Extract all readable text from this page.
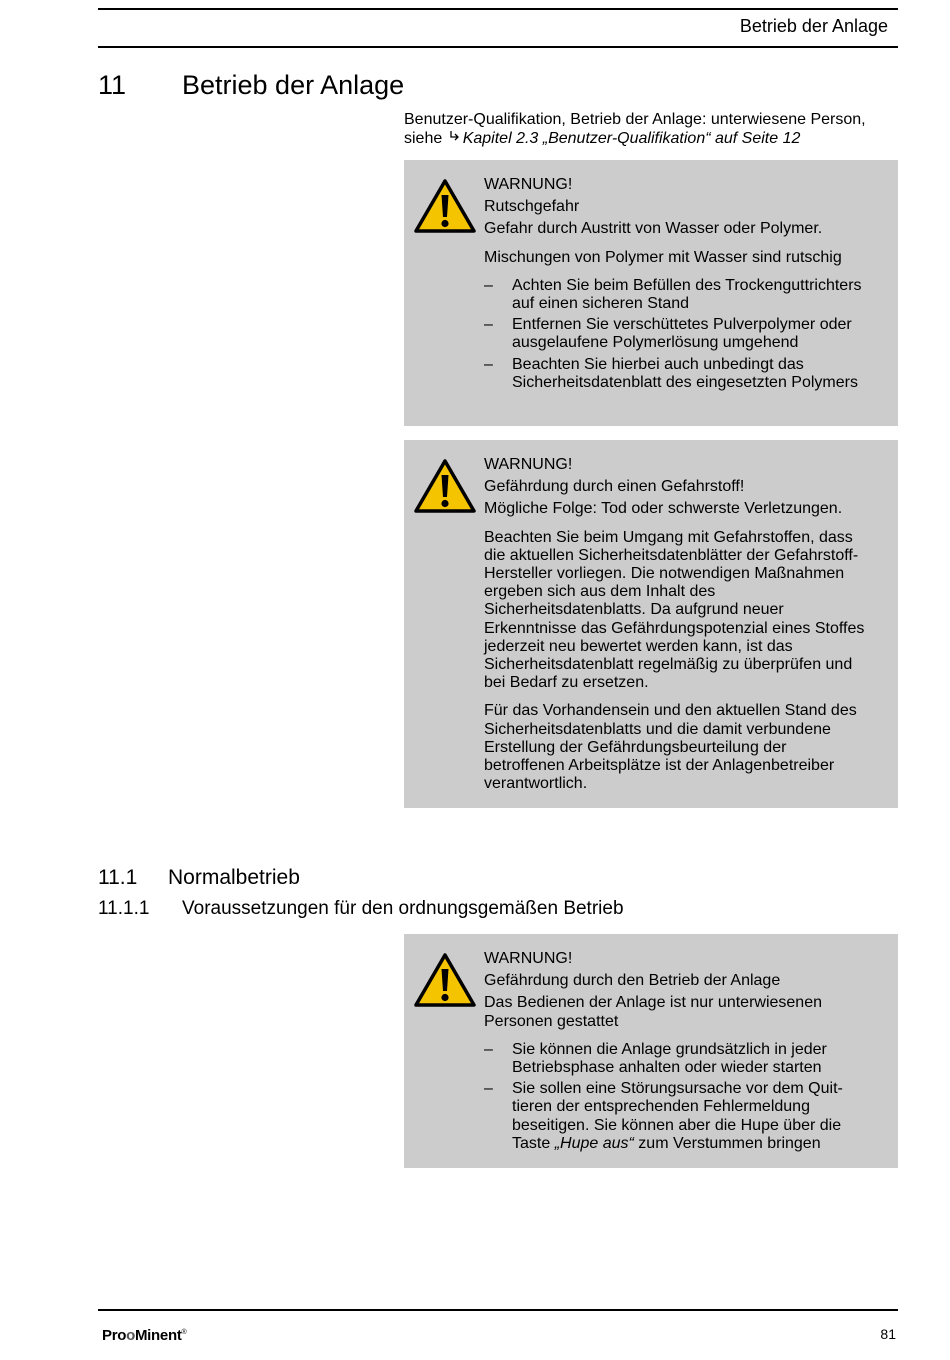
Betrieb der Anlage
11 Betrieb der Anlage
Benutzer-Qualifikation, Betrieb der Anlage: unterwiesene Person, siehe Kapitel 2.3 „Benutzer-Qualifikation“ auf Seite 12

WARNUNG!

Rutschgefahr

Gefahr durch Austritt von Wasser oder Polymer.

Mischungen von Polymer mit Wasser sind rutschig

– Achten Sie beim Befüllen des Trockenguttrichters auf einen sicheren Stand
– Entfernen Sie verschüttetes Pulverpolymer oder ausgelaufene Polymerlösung umgehend
– Beachten Sie hierbei auch unbedingt das Sicherheitsdatenblatt des eingesetzten Polymers

WARNUNG!

Gefährdung durch einen Gefahrstoff!

Mögliche Folge: Tod oder schwerste Verletzungen.

Beachten Sie beim Umgang mit Gefahrstoffen, dass die aktuellen Sicherheitsdatenblätter der Gefahrstoff-Hersteller vorliegen. Die notwendigen Maßnahmen ergeben sich aus dem Inhalt des Sicherheitsdatenblatts. Da aufgrund neuer Erkenntnisse das Gefährdungspotenzial eines Stoffes jederzeit neu bewertet werden kann, ist das Sicherheitsdatenblatt regelmäßig zu überprüfen und bei Bedarf zu ersetzen.

Für das Vorhandensein und den aktuellen Stand des Sicherheitsdatenblatts und die damit verbundene Erstellung der Gefährdungsbeurteilung der betroffenen Arbeitsplätze ist der Anlagenbetreiber verantwortlich.

11.1 Normalbetrieb
11.1.1 Voraussetzungen für den ordnungsgemäßen Betrieb

WARNUNG!

Gefährdung durch den Betrieb der Anlage

Das Bedienen der Anlage ist nur unterwiesenen Personen gestattet

– Sie können die Anlage grundsätzlich in jeder Betriebsphase anhalten oder wieder starten
– Sie sollen eine Störungsursache vor dem Quittieren der entsprechenden Fehlermeldung beseitigen. Sie können aber die Hupe über die Taste „Hupe aus“ zum Verstummen bringen
ProoMinent®	81
